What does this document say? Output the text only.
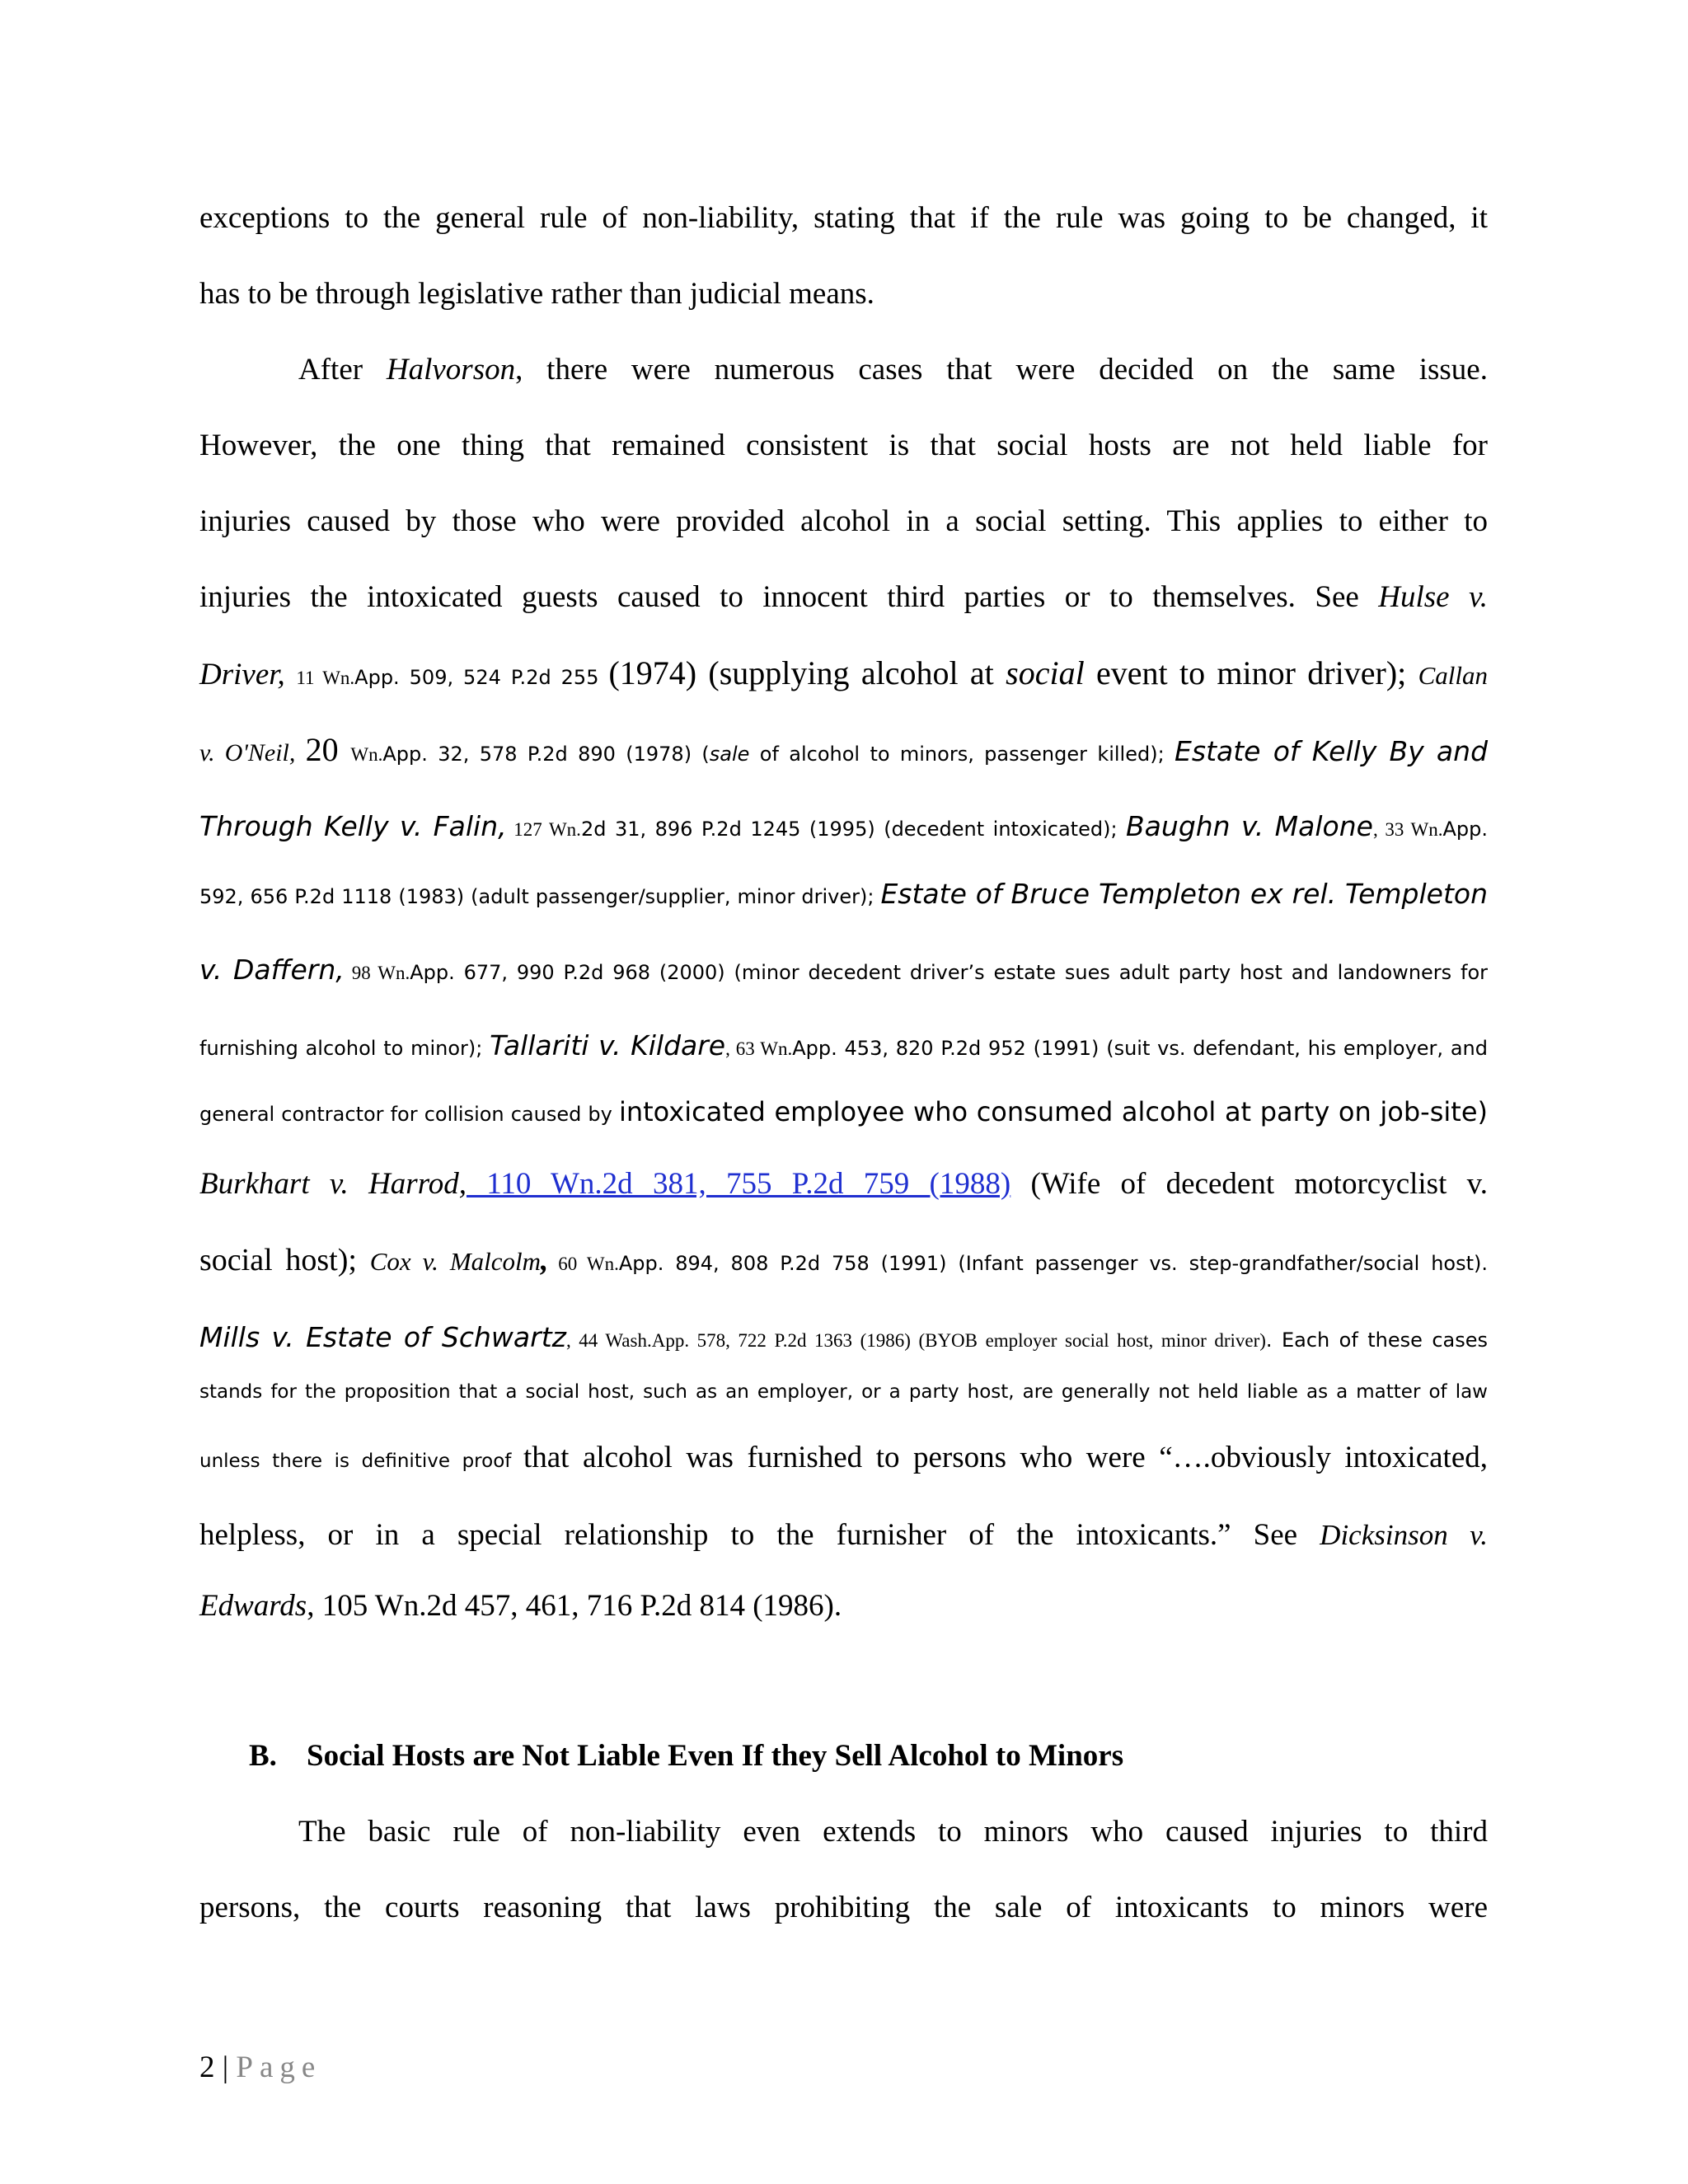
exceptions to the general rule of non-liability, stating that if the rule was going to be changed, it
has to be through legislative rather than judicial means.
After Halvorson, there were numerous cases that were decided on the same issue.
However, the one thing that remained consistent is that social hosts are not held liable for
injuries caused by those who were provided alcohol in a social setting. This applies to either to
injuries the intoxicated guests caused to innocent third parties or to themselves. See Hulse v.
Driver, 11 Wn.App. 509, 524 P.2d 255 (1974) (supplying alcohol at social event to minor driver); Callan
v. O'Neil, 20 Wn.App. 32, 578 P.2d 890 (1978) (sale of alcohol to minors, passenger killed); Estate of Kelly By and
Through Kelly v. Falin, 127 Wn.2d 31, 896 P.2d 1245 (1995) (decedent intoxicated); Baughn v. Malone, 33 Wn.App.
592, 656 P.2d 1118 (1983) (adult passenger/supplier, minor driver); Estate of Bruce Templeton ex rel. Templeton
v. Daffern, 98 Wn.App. 677, 990 P.2d 968 (2000) (minor decedent driver’s estate sues adult party host and landowners for
furnishing alcohol to minor); Tallariti v. Kildare, 63 Wn.App. 453, 820 P.2d 952 (1991) (suit vs. defendant, his employer, and
general contractor for collision caused by intoxicated employee who consumed alcohol at party on job-site)
Burkhart v. Harrod, 110 Wn.2d 381, 755 P.2d 759 (1988) (Wife of decedent motorcyclist v.
social host); Cox v. Malcolm, 60 Wn.App. 894, 808 P.2d 758 (1991) (Infant passenger vs. step-grandfather/social host).
Mills v. Estate of Schwartz, 44 Wash.App. 578, 722 P.2d 1363 (1986) (BYOB employer social host, minor driver). Each of these cases
stands for the proposition that a social host, such as an employer, or a party host, are generally not held liable as a matter of law
unless there is definitive proof that alcohol was furnished to persons who were “….obviously intoxicated,
helpless, or in a special relationship to the furnisher of the intoxicants.” See Dicksinson v.
Edwards, 105 Wn.2d 457, 461, 716 P.2d 814 (1986).
B. Social Hosts are Not Liable Even If they Sell Alcohol to Minors
The basic rule of non-liability even extends to minors who caused injuries to third
persons, the courts reasoning that laws prohibiting the sale of intoxicants to minors were
2 | Page
